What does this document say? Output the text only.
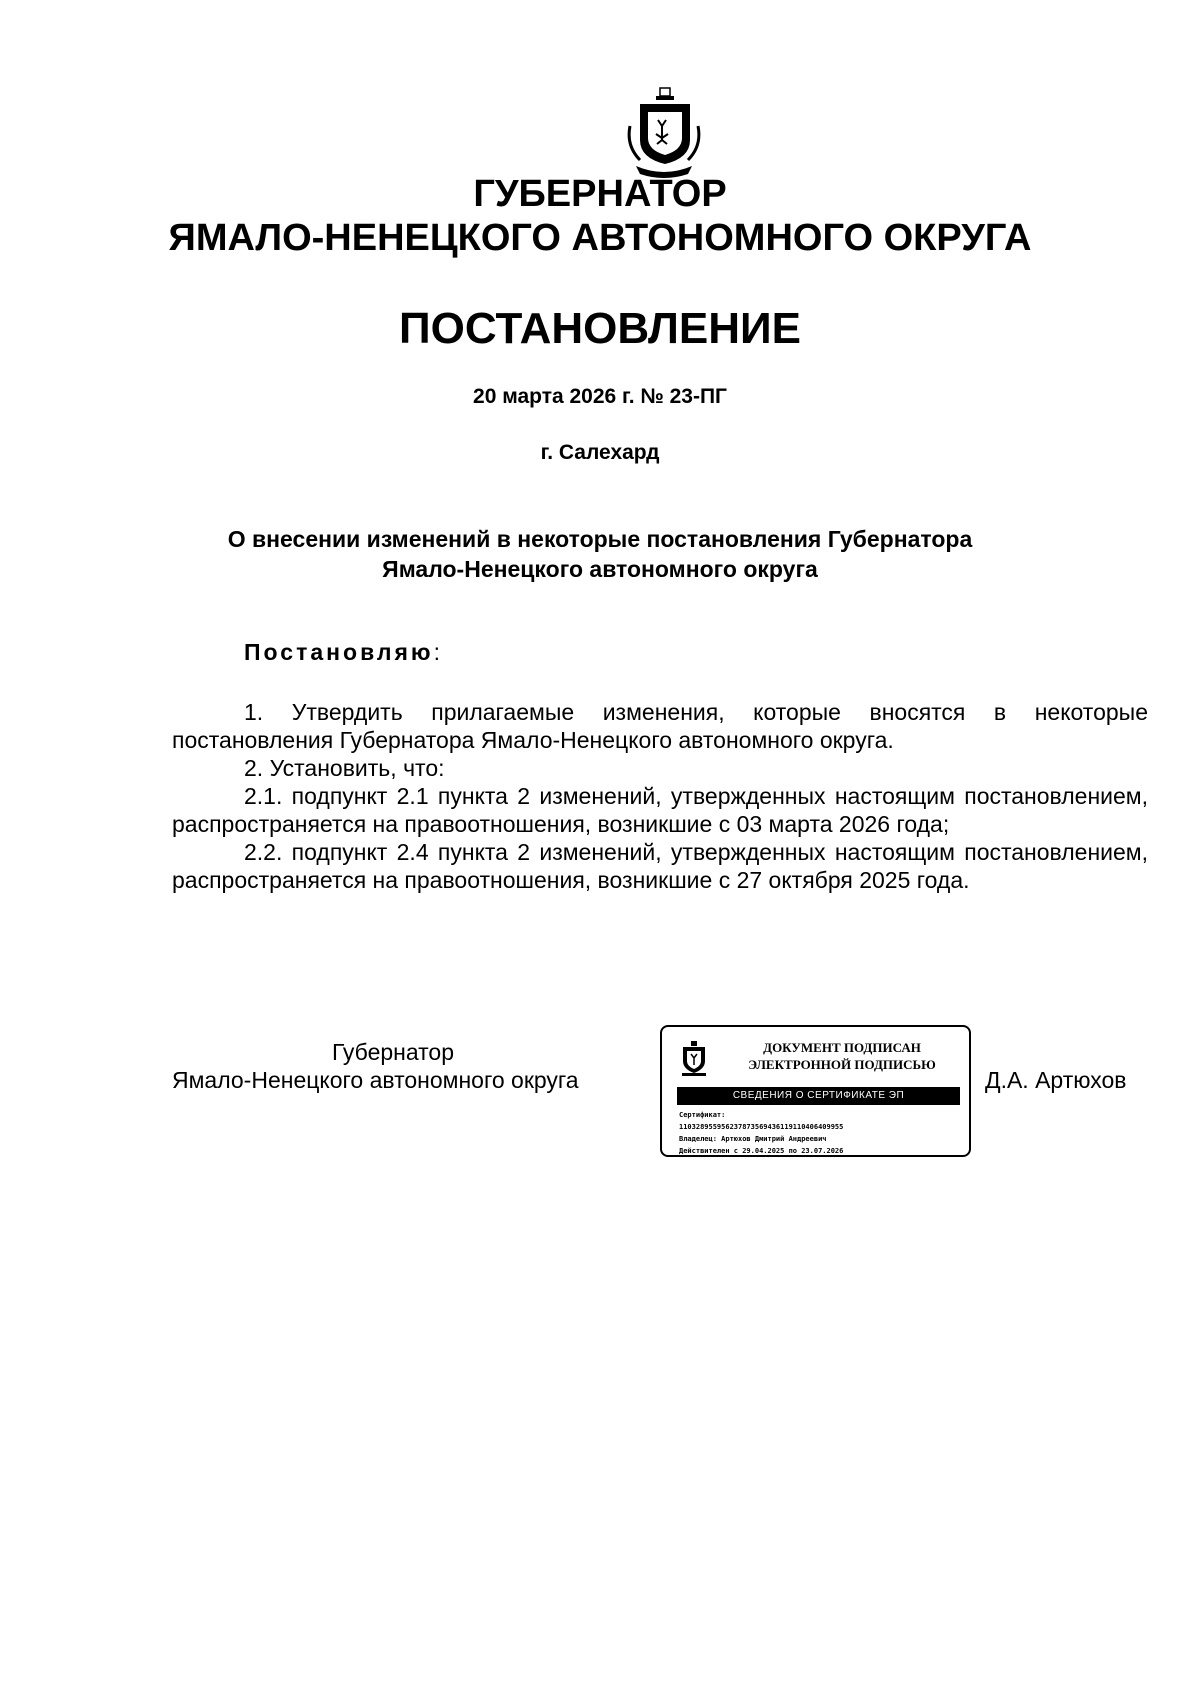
ГУБЕРНАТОР
ЯМАЛО-НЕНЕЦКОГО АВТОНОМНОГО ОКРУГА
ПОСТАНОВЛЕНИЕ
20 марта 2026 г. № 23-ПГ
г. Салехард
О внесении изменений в некоторые постановления Губернатора
Ямало-Ненецкого автономного округа
Постановляю:

1. Утвердить прилагаемые изменения, которые вносятся в некоторые постановления Губернатора Ямало-Ненецкого автономного округа.

2. Установить, что:

2.1. подпункт 2.1 пункта 2 изменений, утвержденных настоящим постановлением, распространяется на правоотношения, возникшие с 03 марта 2026 года;

2.2. подпункт 2.4 пункта 2 изменений, утвержденных настоящим постановлением, распространяется на правоотношения, возникшие с 27 октября 2025 года.

Губернатор
Ямало-Ненецкого автономного округа
ДОКУМЕНТ ПОДПИСАН
ЭЛЕКТРОННОЙ ПОДПИСЬЮ
СВЕДЕНИЯ О СЕРТИФИКАТЕ ЭП
Сертификат:
110328955956237873569436119110406409955
Владелец: Артюхов Дмитрий Андреевич
Действителен с 29.04.2025 по 23.07.2026
Д.А. Артюхов
